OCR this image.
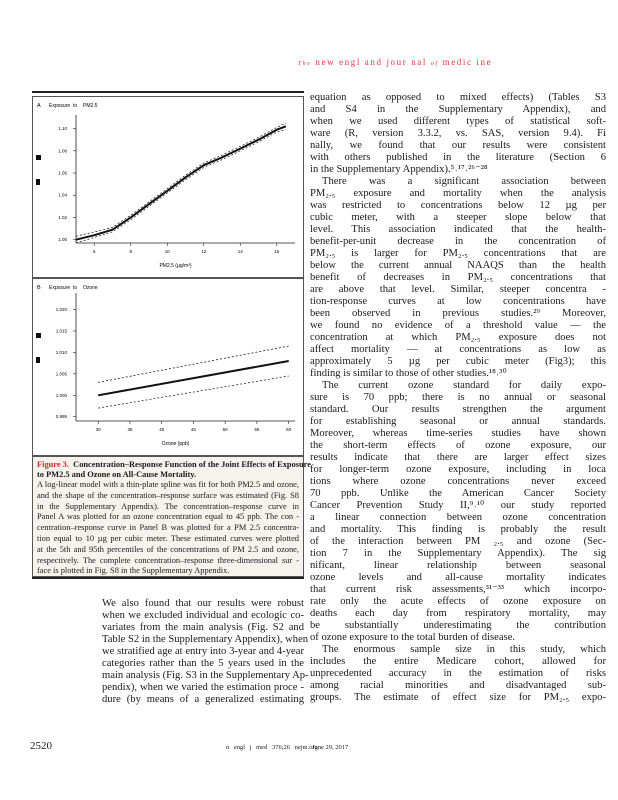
The new engl and jour nal of medic ine
A Exposure to PM2.5
1.00
1.02
1.04
1.06
1.08
1.10
6	8	10	12	14	16
PM2.5 (µg/m³)
B Exposure to Ozone
0.995
1.000
1.005
1.010
1.015
1.020
30	35	40	45	50	55	60
Ozone (ppb)
Figure 3. Concentration–Response Function of the Joint Effects of Exposure
to PM2.5 and Ozone on All-Cause Mortality.
A log-linear model with a thin-plate spline was fit for both PM2.5 and ozone,
and the shape of the concentration–response surface was estimated (Fig. S8
in the Supplementary Appendix). The concentration–response curve in
Panel A was plotted for an ozone concentration equal to 45 ppb. The con -
centration–response curve in Panel B was plotted for a PM 2.5 concentra-
tion equal to 10 µg per cubic meter. These estimated curves were plotted
at the 5th and 95th percentiles of the concentrations of PM 2.5 and ozone,
respectively. The complete concentration–response three-dimensional sur -
face is plotted in Fig. S8 in the Supplementary Appendix.
equation as opposed to mixed effects) (Tables S3
and S4 in the Supplementary Appendix), and
when we used different types of statistical soft-
ware (R, version 3.3.2, vs. SAS, version 9.4). Fi
nally, we found that our results were consistent
with others published in the literature (Section 6
in the Supplementary Appendix).⁵˒¹⁷˒²⁶⁻²⁸
There was a significant association between
PM₂.₅ exposure and mortality when the analysis
was restricted to concentrations below 12 µg per
cubic meter, with a steeper slope below that
level. This association indicated that the health-
benefit-per-unit decrease in the concentration of
PM₂.₅ is larger for PM₂.₅ concentrations that are
below the current annual NAAQS than the health
benefit of decreases in PM₂.₅ concentrations that
are above that level. Similar, steeper concentra -
tion-response curves at low concentrations have
been observed in previous studies.²⁹ Moreover,
we found no evidence of a threshold value — the
concentration at which PM₂.₅ exposure does not
affect mortality — at concentrations as low as
approximately 5 µg per cubic meter (Fig3); this
finding is similar to those of other studies.¹⁸˒³⁰
The current ozone standard for daily expo-
sure is 70 ppb; there is no annual or seasonal
standard. Our results strengthen the argument
for establishing seasonal or annual standards.
Moreover, whereas time-series studies have shown
the short-term effects of ozone exposure, our
results indicate that there are larger effect sizes
for longer-term ozone exposure, including in loca
tions where ozone concentrations never exceed
70 ppb. Unlike the American Cancer Society
Cancer Prevention Study II,⁹˒¹⁰ our study reported
a linear connection between ozone concentration
and mortality. This finding is probably the result
of the interaction between PM ₂.₅ and ozone (Sec-
tion 7 in the Supplementary Appendix). The sig
nificant, linear relationship between seasonal
ozone levels and all-cause mortality indicates
that current risk assessments,³¹⁻³³ which incorpo-
rate only the acute effects of ozone exposure on
deaths each day from respiratory mortality, may
be substantially underestimating the contribution
of ozone exposure to the total burden of disease.
The enormous sample size in this study, which
includes the entire Medicare cohort, allowed for
unprecedented accuracy in the estimation of risks
among racial minorities and disadvantaged sub-
groups. The estimate of effect size for PM₂.₅ expo-
We also found that our results were robust
when we excluded individual and ecologic co-
variates from the main analysis (Fig. S2 and
Table S2 in the Supplementary Appendix), when
we stratified age at entry into 3-year and 4-year
categories rather than the 5 years used in the
main analysis (Fig. S3 in the Supplementary Ap-
pendix), when we varied the estimation proce -
dure (by means of a generalized estimating
2520	n engl j med 376;26 nejm.org
June 29, 2017
